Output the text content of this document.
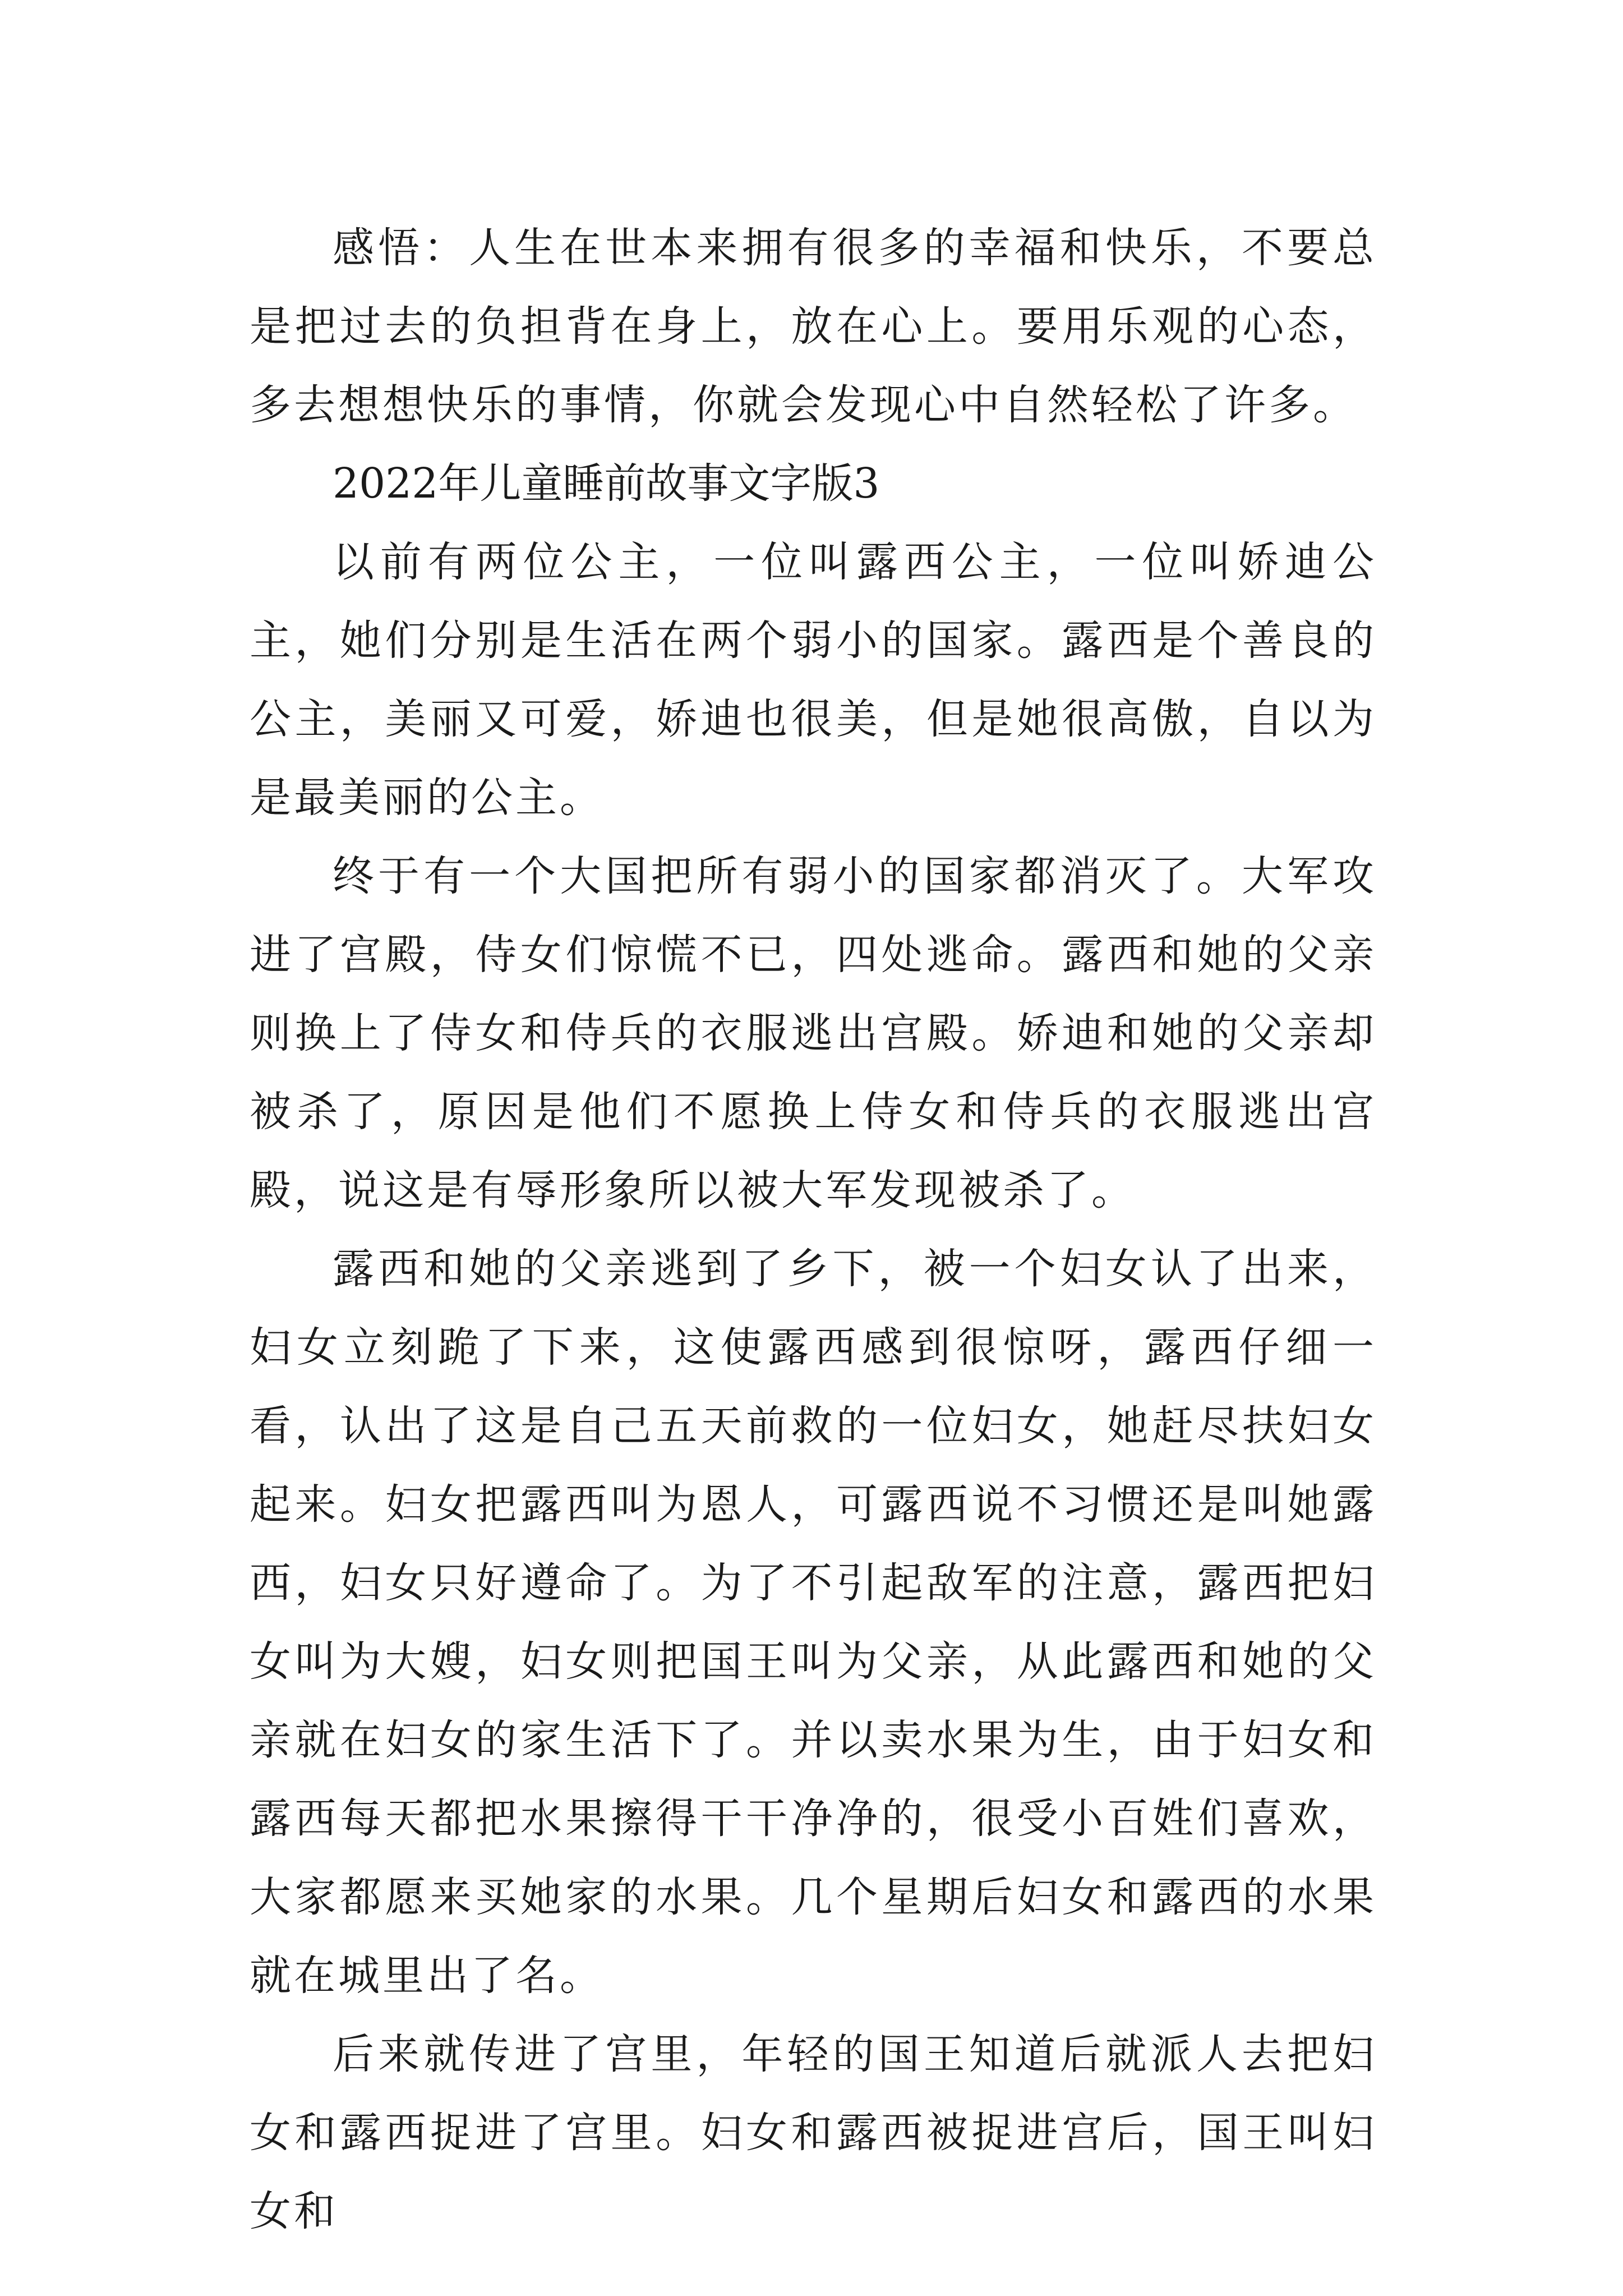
感悟：人生在世本来拥有很多的幸福和快乐，不要总是把过去的负担背在身上，放在心上。要用乐观的心态，多去想想快乐的事情，你就会发现心中自然轻松了许多。

2022年儿童睡前故事文字版3

以前有两位公主，一位叫露西公主，一位叫娇迪公主，她们分别是生活在两个弱小的国家。露西是个善良的公主，美丽又可爱，娇迪也很美，但是她很高傲，自以为是最美丽的公主。

终于有一个大国把所有弱小的国家都消灭了。大军攻进了宫殿，侍女们惊慌不已，四处逃命。露西和她的父亲则换上了侍女和侍兵的衣服逃出宫殿。娇迪和她的父亲却被杀了，原因是他们不愿换上侍女和侍兵的衣服逃出宫殿，说这是有辱形象所以被大军发现被杀了。

露西和她的父亲逃到了乡下，被一个妇女认了出来，妇女立刻跪了下来，这使露西感到很惊呀，露西仔细一看，认出了这是自己五天前救的一位妇女，她赶尽扶妇女起来。妇女把露西叫为恩人，可露西说不习惯还是叫她露西，妇女只好遵命了。为了不引起敌军的注意，露西把妇女叫为大嫂，妇女则把国王叫为父亲，从此露西和她的父亲就在妇女的家生活下了。并以卖水果为生，由于妇女和露西每天都把水果擦得干干净净的，很受小百姓们喜欢，大家都愿来买她家的水果。几个星期后妇女和露西的水果就在城里出了名。

后来就传进了宫里，年轻的国王知道后就派人去把妇女和露西捉进了宫里。妇女和露西被捉进宫后，国王叫妇女和
